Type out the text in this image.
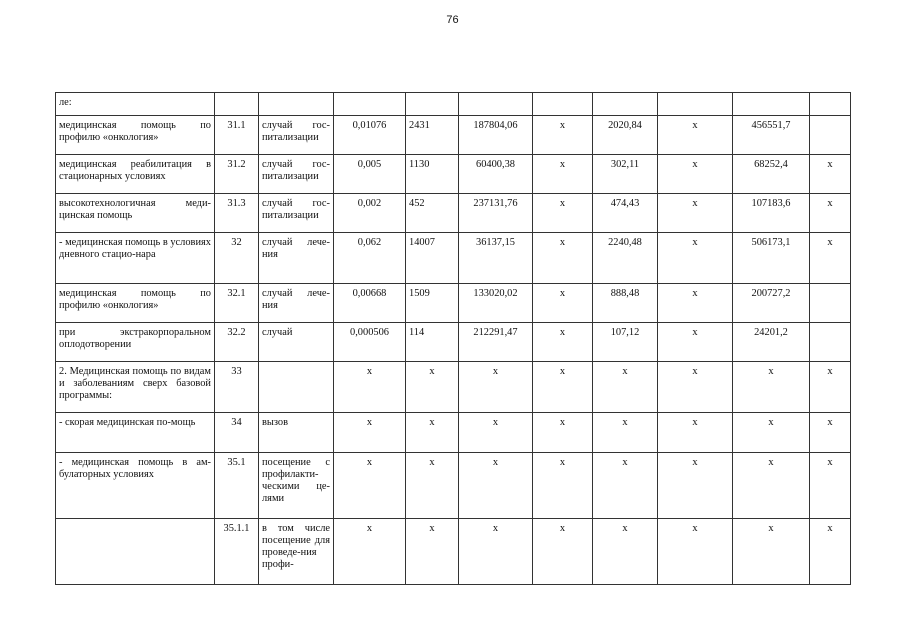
76
ле:										
медицинская помощь по профилю «онкология»	31.1	случай гос-питализации	0,01076	2431	187804,06	х	2020,84	х	456551,7	
медицинская реабилитация в стационарных условиях	31.2	случай гос-питализации	0,005	1130	60400,38	х	302,11	х	68252,4	х
высокотехнологичная меди-цинская помощь	31.3	случай гос-питализации	0,002	452	237131,76	х	474,43	х	107183,6	х
- медицинская помощь в условиях дневного стацио-нара	32	случай лече-ния	0,062	14007	36137,15	х	2240,48	х	506173,1	х
медицинская помощь по профилю «онкология»	32.1	случай лече-ния	0,00668	1509	133020,02	х	888,48	х	200727,2	
при экстракорпоральном оплодотворении	32.2	случай	0,000506	114	212291,47	х	107,12	х	24201,2	
2. Медицинская помощь по видам и заболеваниям сверх базовой программы:	33		х	х	х	х	х	х	х	х
- скорая медицинская по-мощь	34	вызов	х	х	х	х	х	х	х	х
- медицинская помощь в ам-булаторных условиях	35.1	посещение с профилакти-ческими це-лями	х	х	х	х	х	х	х	х
	35.1.1	в том числе посещение для проведе-ния профи-	х	х	х	х	х	х	х	х
